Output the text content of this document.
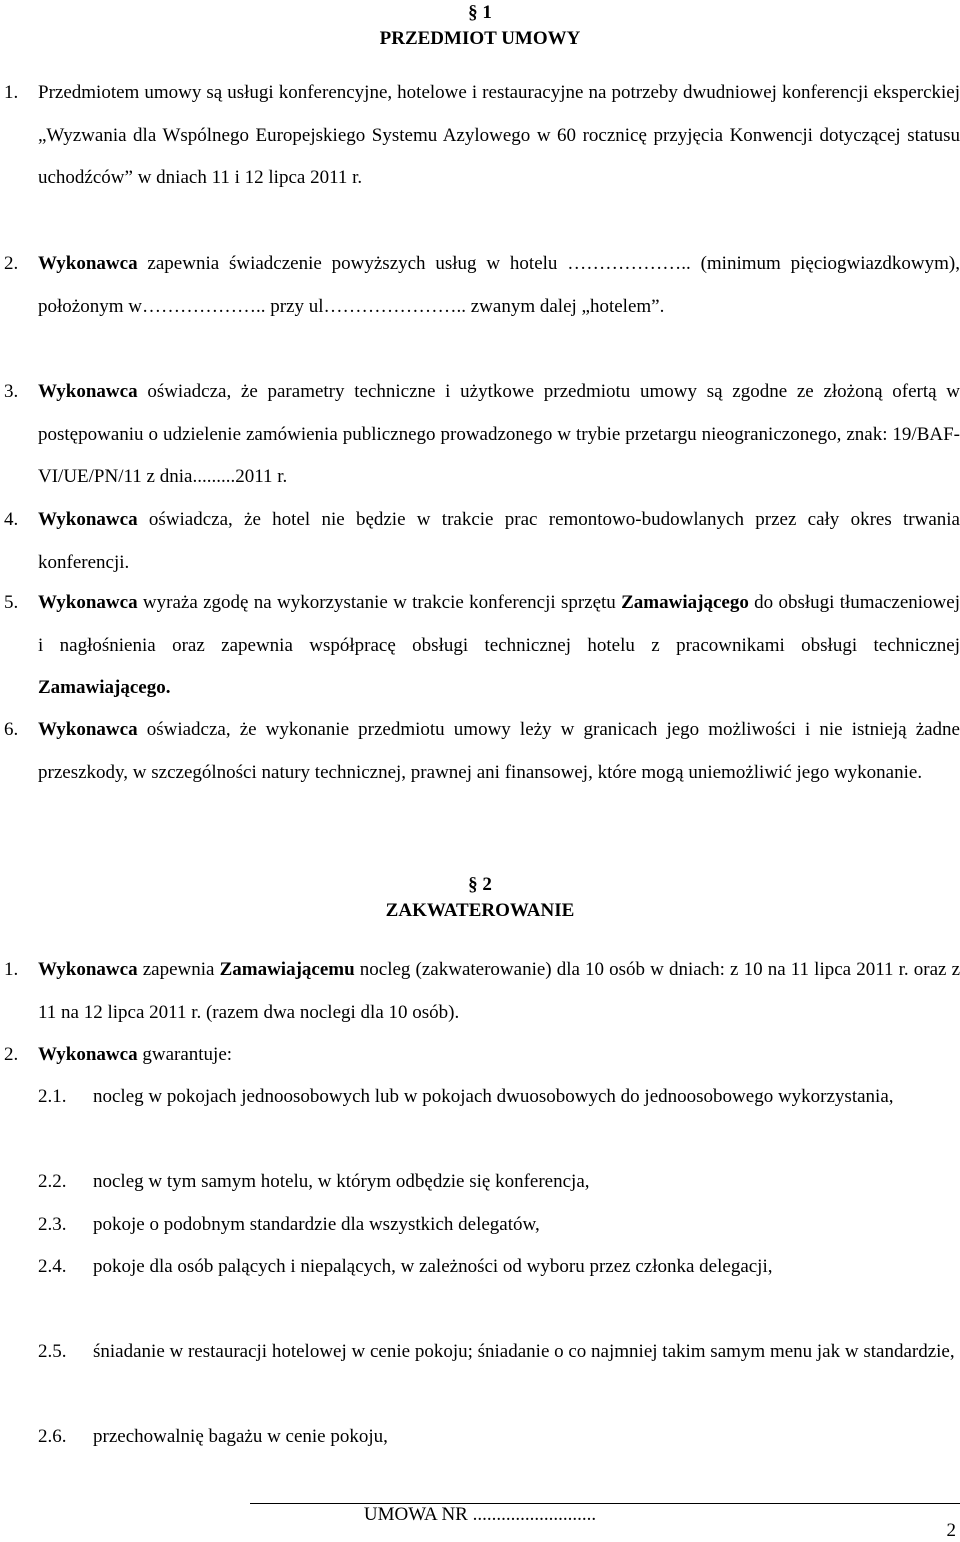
§ 1
PRZEDMIOT UMOWY
1. Przedmiotem umowy są usługi konferencyjne, hotelowe i restauracyjne na potrzeby dwudniowej konferencji eksperckiej „Wyzwania dla Wspólnego Europejskiego Systemu Azylowego w 60 rocznicę przyjęcia Konwencji dotyczącej statusu uchodźców” w dniach 11 i 12 lipca 2011 r.
2. Wykonawca zapewnia świadczenie powyższych usług w hotelu ……………….. (minimum pięciogwiazdkowym), położonym w……………….. przy ul………………….. zwanym dalej „hotelem”.
3. Wykonawca oświadcza, że parametry techniczne i użytkowe przedmiotu umowy są zgodne ze złożoną ofertą w postępowaniu o udzielenie zamówienia publicznego prowadzonego w trybie przetargu nieograniczonego, znak: 19/BAF-VI/UE/PN/11 z dnia.........2011 r.
4. Wykonawca oświadcza, że hotel nie będzie w trakcie prac remontowo-budowlanych przez cały okres trwania konferencji.
5. Wykonawca wyraża zgodę na wykorzystanie w trakcie konferencji sprzętu Zamawiającego do obsługi tłumaczeniowej i nagłośnienia oraz zapewnia współpracę obsługi technicznej hotelu z pracownikami obsługi technicznej Zamawiającego.
6. Wykonawca oświadcza, że wykonanie przedmiotu umowy leży w granicach jego możliwości i nie istnieją żadne przeszkody, w szczególności natury technicznej, prawnej ani finansowej, które mogą uniemożliwić jego wykonanie.
§ 2
ZAKWATEROWANIE
1. Wykonawca zapewnia Zamawiającemu nocleg (zakwaterowanie) dla 10 osób w dniach: z 10 na 11 lipca 2011 r. oraz z 11 na 12 lipca 2011 r. (razem dwa noclegi dla 10 osób).
2. Wykonawca gwarantuje:
2.1. nocleg w pokojach jednoosobowych lub w pokojach dwuosobowych do jednoosobowego wykorzystania,
2.2. nocleg w tym samym hotelu, w którym odbędzie się konferencja,
2.3. pokoje o podobnym standardzie dla wszystkich delegatów,
2.4. pokoje dla osób palących i niepalących, w zależności od wyboru przez członka delegacji,
2.5. śniadanie w restauracji hotelowej w cenie pokoju; śniadanie o co najmniej takim samym menu jak w standardzie,
2.6. przechowalnię bagażu w cenie pokoju,
UMOWA NR ..........................
2
